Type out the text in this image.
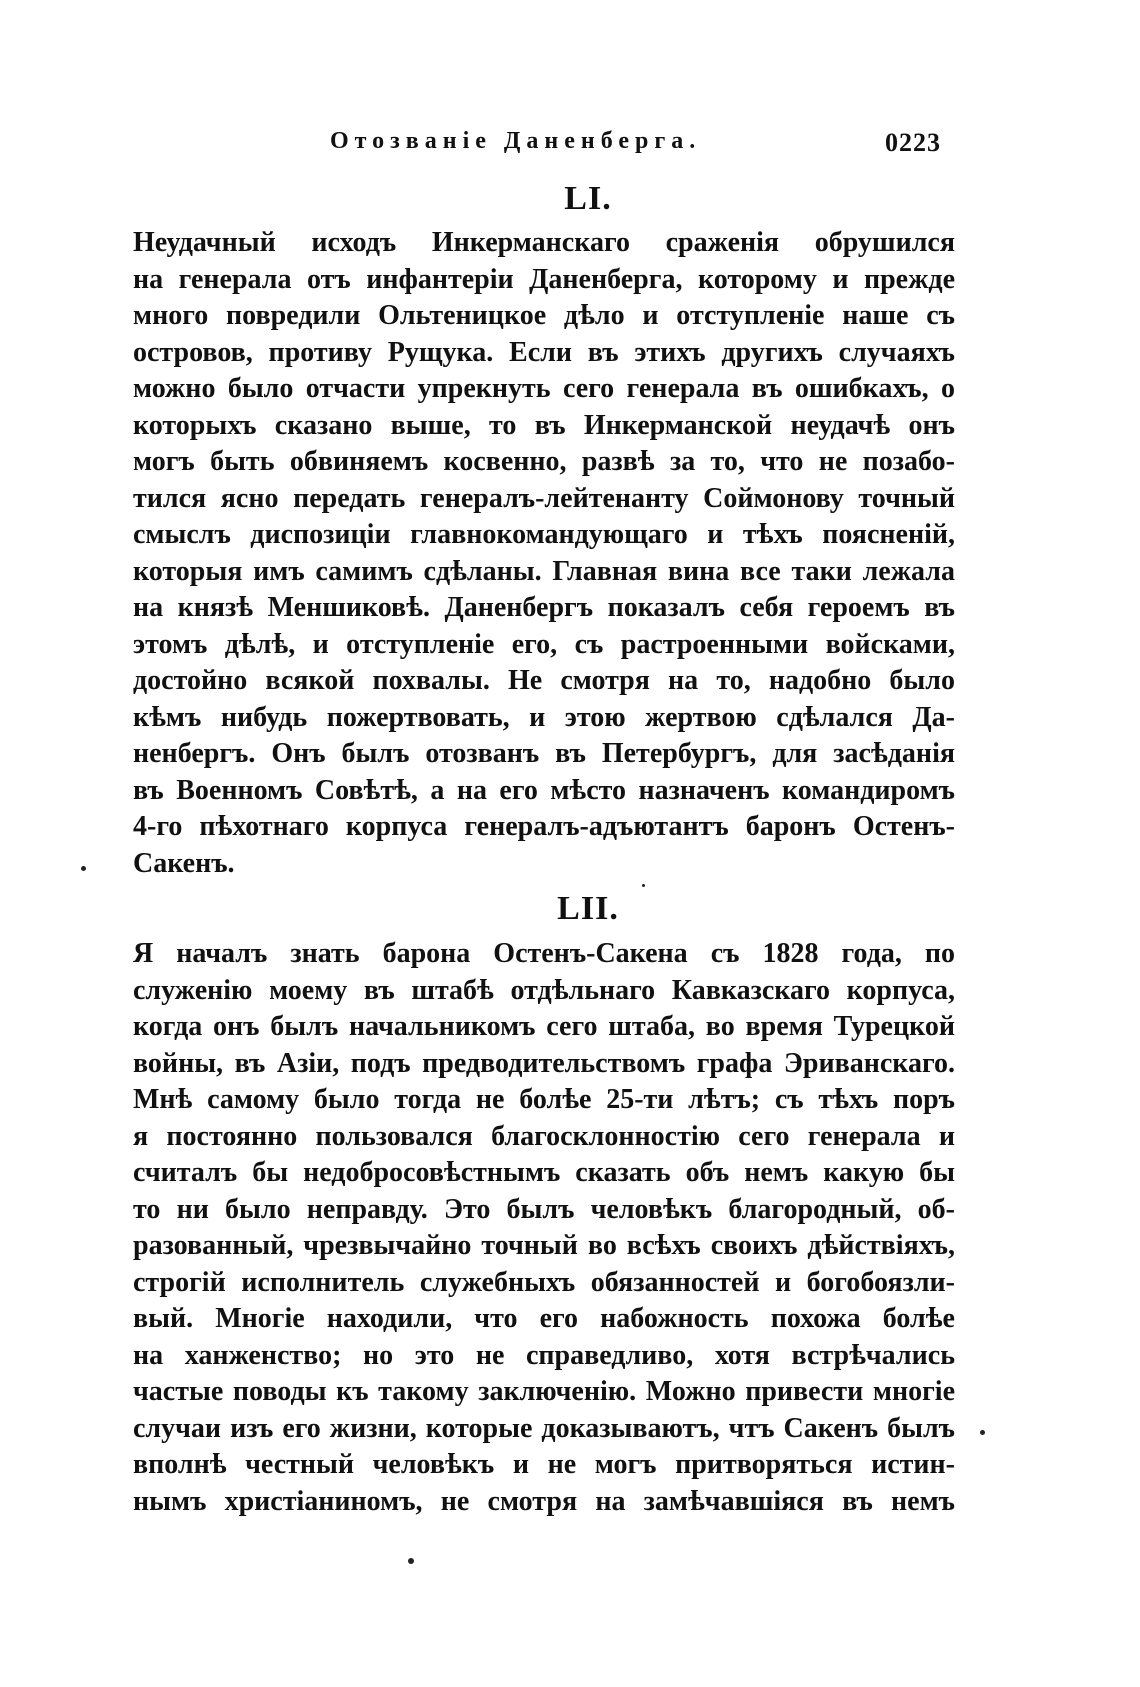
Отозваніе Даненберга.	0223
LI.
Неудачный исходъ Инкерманскаго сраженія обрушился
на генерала отъ инфантеріи Даненберга, которому и прежде
много повредили Ольтеницкое дѣло и отступленіе наше съ
островов, противу Рущука. Если въ этихъ другихъ случаяхъ
можно было отчасти упрекнуть сего генерала въ ошибкахъ, о
которыхъ сказано выше, то въ Инкерманской неудачѣ онъ
могъ быть обвиняемъ косвенно, развѣ за то, что не позабо-
тился ясно передать генералъ-лейтенанту Соймонову точный
смыслъ диспозиціи главнокомандующаго и тѣхъ поясненій,
которыя имъ самимъ сдѣланы. Главная вина все таки лежала
на князѣ Меншиковѣ. Даненбергъ показалъ себя героемъ въ
этомъ дѣлѣ, и отступленіе его, съ растроенными войсками,
достойно всякой похвалы. Не смотря на то, надобно было
кѣмъ нибудь пожертвовать, и этою жертвою сдѣлался Да-
ненбергъ. Онъ былъ отозванъ въ Петербургъ, для засѣданія
въ Военномъ Совѣтѣ, а на его мѣсто назначенъ командиромъ
4-го пѣхотнаго корпуса генералъ-адъютантъ баронъ Остенъ-
Сакенъ.
LII.
Я началъ знать барона Остенъ-Сакена съ 1828 года, по
служенію моему въ штабѣ отдѣльнаго Кавказскаго корпуса,
когда онъ былъ начальникомъ сего штаба, во время Турецкой
войны, въ Азіи, подъ предводительствомъ графа Эриванскаго.
Мнѣ самому было тогда не болѣе 25-ти лѣтъ; съ тѣхъ поръ
я постоянно пользовался благосклонностію сего генерала и
считалъ бы недобросовѣстнымъ сказать объ немъ какую бы
то ни было неправду. Это былъ человѣкъ благородный, об-
разованный, чрезвычайно точный во всѣхъ своихъ дѣйствіяхъ,
строгій исполнитель служебныхъ обязанностей и богобоязли-
вый. Многіе находили, что его набожность похожа болѣе
на ханженство; но это не справедливо, хотя встрѣчались
частые поводы къ такому заключенію. Можно привести многіе
случаи изъ его жизни, которые доказываютъ, чтъ Сакенъ былъ
вполнѣ честный человѣкъ и не могъ притворяться истин-
нымъ христіаниномъ, не смотря на замѣчавшіяся въ немъ
